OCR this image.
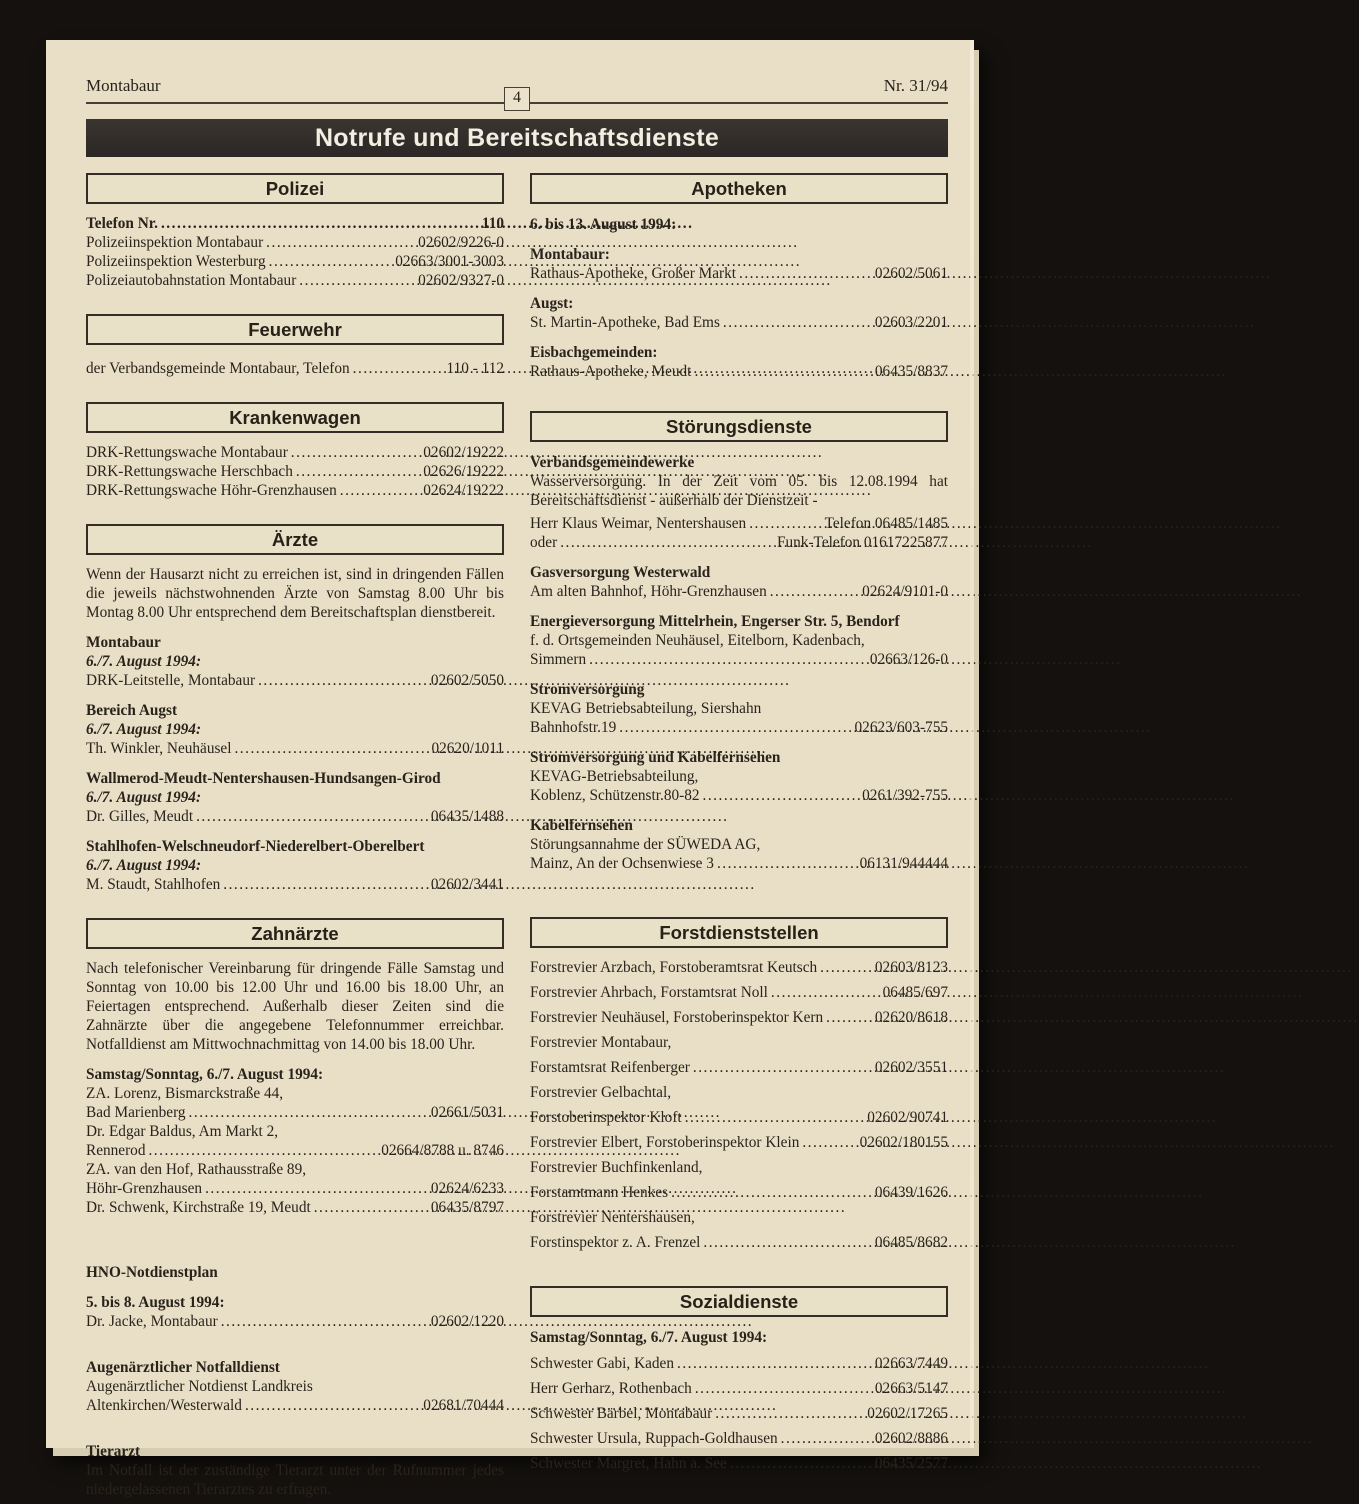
Montabaur
4
Nr. 31/94
Notrufe und Bereitschaftsdienste
Polizei
Telefon Nr. .....	110
Polizeiinspektion Montabaur .....	02602/9226-0
Polizeiinspektion Westerburg .....	02663/3001-3003
Polizeiautobahnstation Montabaur .....	02602/9327-0
Feuerwehr
der Verbandsgemeinde Montabaur, Telefon .....	110 - 112
Krankenwagen
DRK-Rettungswache Montabaur .....	02602/19222
DRK-Rettungswache Herschbach .....	02626/19222
DRK-Rettungswache Höhr-Grenzhausen .....	02624/19222
Ärzte
Wenn der Hausarzt nicht zu erreichen ist, sind in dringenden Fällen die jeweils nächstwohnenden Ärzte von Samstag 8.00 Uhr bis Montag 8.00 Uhr entsprechend dem Bereitschaftsplan dienstbereit.
Montabaur
6./7. August 1994:
DRK-Leitstelle, Montabaur .....	02602/5050
Bereich Augst
6./7. August 1994:
Th. Winkler, Neuhäusel .....	02620/1011
Wallmerod-Meudt-Nentershausen-Hundsangen-Girod
6./7. August 1994:
Dr. Gilles, Meudt .....	06435/1488
Stahlhofen-Welschneudorf-Niederelbert-Oberelbert
6./7. August 1994:
M. Staudt, Stahlhofen .....	02602/3441
Zahnärzte
Nach telefonischer Vereinbarung für dringende Fälle Samstag und Sonntag von 10.00 bis 12.00 Uhr und 16.00 bis 18.00 Uhr, an Feiertagen entsprechend. Außerhalb dieser Zeiten sind die Zahnärzte über die angegebene Telefonnummer erreichbar. Notfalldienst am Mittwochnachmittag von 14.00 bis 18.00 Uhr.
Samstag/Sonntag, 6./7. August 1994:
ZA. Lorenz, Bismarckstraße 44,
Bad Marienberg .....	02661/5031
Dr. Edgar Baldus, Am Markt 2,
Rennerod .....	02664/8788 u. 8746
ZA. van den Hof, Rathausstraße 89,
Höhr-Grenzhausen .....	02624/6233
Dr. Schwenk, Kirchstraße 19, Meudt .....	06435/8797
HNO-Notdienstplan
5. bis 8. August 1994:
Dr. Jacke, Montabaur .....	02602/1220
Augenärztlicher Notfalldienst
Augenärztlicher Notdienst Landkreis
Altenkirchen/Westerwald .....	02681/70444
Tierarzt
Im Notfall ist der zuständige Tierarzt unter der Rufnummer jedes niedergelassenen Tierarztes zu erfragen.
Apotheken
6. bis 13. August 1994:
Montabaur:
Rathaus-Apotheke, Großer Markt .....	02602/5061
Augst:
St. Martin-Apotheke, Bad Ems .....	02603/2201
Eisbachgemeinden:
Rathaus-Apotheke, Meudt .....	06435/8837
Störungsdienste
Verbandsgemeindewerke
Wasserversorgung. In der Zeit vom 05. bis 12.08.1994 hat Bereitschaftsdienst - außerhalb der Dienstzeit -
Herr Klaus Weimar, Nentershausen .....	Telefon 06485/1485
oder .....	Funk-Telefon 01617225877
Gasversorgung Westerwald
Am alten Bahnhof, Höhr-Grenzhausen .....	02624/9101-0
Energieversorgung Mittelrhein, Engerser Str. 5, Bendorf
f. d. Ortsgemeinden Neuhäusel, Eitelborn, Kadenbach,
Simmern .....	02663/126-0
Stromversorgung
KEVAG Betriebsabteilung, Siershahn
Bahnhofstr.19 .....	02623/603-755
Stromversorgung und Kabelfernsehen
KEVAG-Betriebsabteilung,
Koblenz, Schützenstr.80-82 .....	0261/392-755
Kabelfernsehen
Störungsannahme der SÜWEDA AG,
Mainz, An der Ochsenwiese 3 .....	06131/944444
Forstdienststellen
Forstrevier Arzbach, Forstoberamtsrat Keutsch .....	02603/8123
Forstrevier Ahrbach, Forstamtsrat Noll .....	06485/697
Forstrevier Neuhäusel, Forstoberinspektor Kern .....	02620/8618
Forstrevier Montabaur,
Forstamtsrat Reifenberger .....	02602/3551
Forstrevier Gelbachtal,
Forstoberinspektor Kloft .....	02602/90741
Forstrevier Elbert, Forstoberinspektor Klein .....	02602/180155
Forstrevier Buchfinkenland,
Forstamtmann Henkes .....	06439/1626
Forstrevier Nentershausen,
Forstinspektor z. A. Frenzel .....	06485/8682
Sozialdienste
Samstag/Sonntag, 6./7. August 1994:
Schwester Gabi, Kaden .....	02663/7449
Herr Gerharz, Rothenbach .....	02663/5147
Schwester Bärbel, Montabaur .....	02602/17265
Schwester Ursula, Ruppach-Goldhausen .....	02602/8886
Schwester Margret, Hahn a. See .....	06435/2577
